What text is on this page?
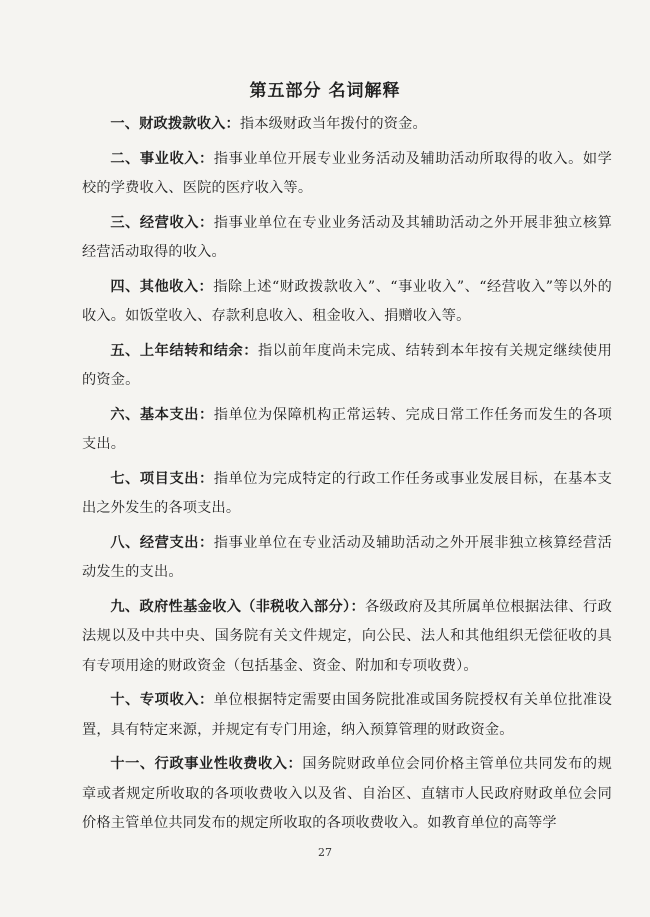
第五部分 名词解释

一、财政拨款收入：指本级财政当年拨付的资金。

二、事业收入：指事业单位开展专业业务活动及辅助活动所取得的收入。如学校的学费收入、医院的医疗收入等。

三、经营收入：指事业单位在专业业务活动及其辅助活动之外开展非独立核算经营活动取得的收入。

四、其他收入：指除上述“财政拨款收入”、“事业收入”、“经营收入”等以外的收入。如饭堂收入、存款利息收入、租金收入、捐赠收入等。

五、上年结转和结余：指以前年度尚未完成、结转到本年按有关规定继续使用的资金。

六、基本支出：指单位为保障机构正常运转、完成日常工作任务而发生的各项支出。

七、项目支出：指单位为完成特定的行政工作任务或事业发展目标，在基本支出之外发生的各项支出。

八、经营支出：指事业单位在专业活动及辅助活动之外开展非独立核算经营活动发生的支出。

九、政府性基金收入（非税收入部分）：各级政府及其所属单位根据法律、行政法规以及中共中央、国务院有关文件规定，向公民、法人和其他组织无偿征收的具有专项用途的财政资金（包括基金、资金、附加和专项收费）。

十、专项收入：单位根据特定需要由国务院批准或国务院授权有关单位批准设置，具有特定来源，并规定有专门用途，纳入预算管理的财政资金。

十一、行政事业性收费收入：国务院财政单位会同价格主管单位共同发布的规章或者规定所收取的各项收费收入以及省、自治区、直辖市人民政府财政单位会同价格主管单位共同发布的规定所收取的各项收费收入。如教育单位的高等学

27
